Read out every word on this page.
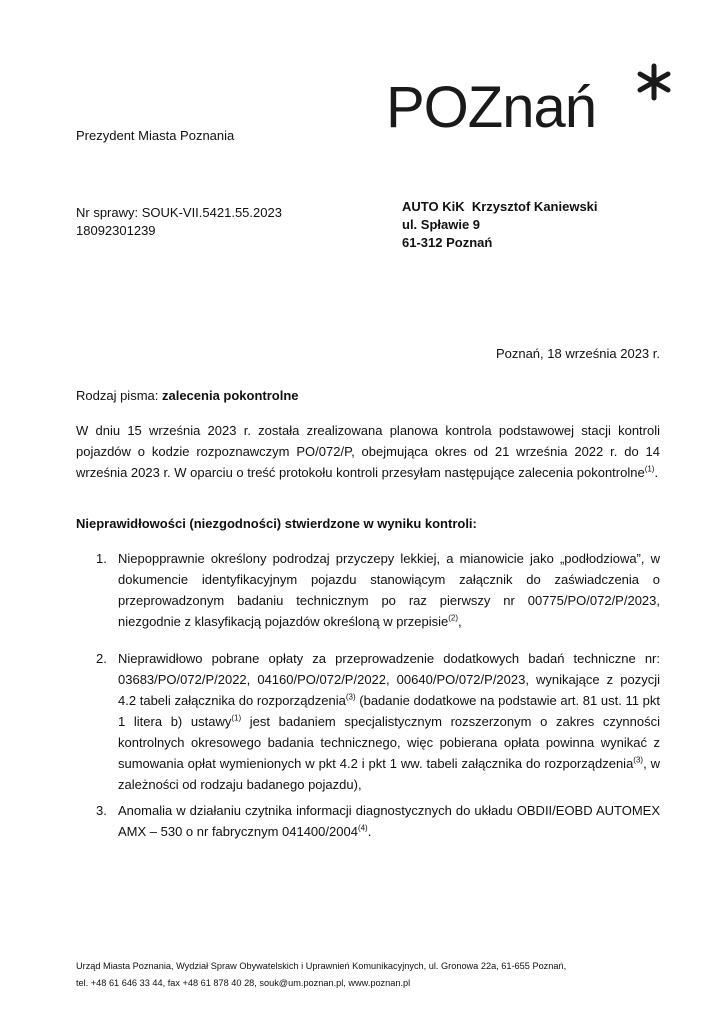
POZnań
Prezydent Miasta Poznania
Nr sprawy: SOUK-VII.5421.55.2023
18092301239
AUTO KiK  Krzysztof Kaniewski
ul. Spławie 9
61-312 Poznań
Poznań, 18 września 2023 r.
Rodzaj pisma: zalecenia pokontrolne
W dniu 15 września 2023 r. została zrealizowana planowa kontrola podstawowej stacji kontroli pojazdów o kodzie rozpoznawczym PO/072/P, obejmująca okres od 21 września 2022 r. do 14 września 2023 r. W oparciu o treść protokołu kontroli przesyłam następujące zalecenia pokontrolne$^{(1)}$.
Nieprawidłowości (niezgodności) stwierdzone w wyniku kontroli:
1. Niepopprawnie określony podrodzaj przyczepy lekkiej, a mianowicie jako „podłodziowa”, w dokumencie identyfikacyjnym pojazdu stanowiącym załącznik do zaświadczenia o przeprowadzonym badaniu technicznym po raz pierwszy nr 00775/PO/072/P/2023, niezgodnie z klasyfikacją pojazdów określoną w przepisie$^{(2)}$,
2. Nieprawidłowo pobrane opłaty za przeprowadzenie dodatkowych badań techniczne nr: 03683/PO/072/P/2022, 04160/PO/072/P/2022, 00640/PO/072/P/2023, wynikające z pozycji 4.2 tabeli załącznika do rozporządzenia$^{(3)}$ (badanie dodatkowe na podstawie art. 81 ust. 11 pkt 1 litera b) ustawy$^{(1)}$ jest badaniem specjalistycznym rozszerzonym o zakres czynności kontrolnych okresowego badania technicznego, więc pobierana opłata powinna wynikać z sumowania opłat wymienionych w pkt 4.2 i pkt 1 ww. tabeli załącznika do rozporządzenia$^{(3)}$, w zależności od rodzaju badanego pojazdu),
3. Anomalia w działaniu czytnika informacji diagnostycznych do układu OBDII/EOBD AUTOMEX AMX – 530 o nr fabrycznym 041400/2004$^{(4)}$.
Urząd Miasta Poznania, Wydział Spraw Obywatelskich i Uprawnień Komunikacyjnych, ul. Gronowa 22a, 61-655 Poznań,
tel. +48 61 646 33 44, fax +48 61 878 40 28, souk@um.poznan.pl, www.poznan.pl
